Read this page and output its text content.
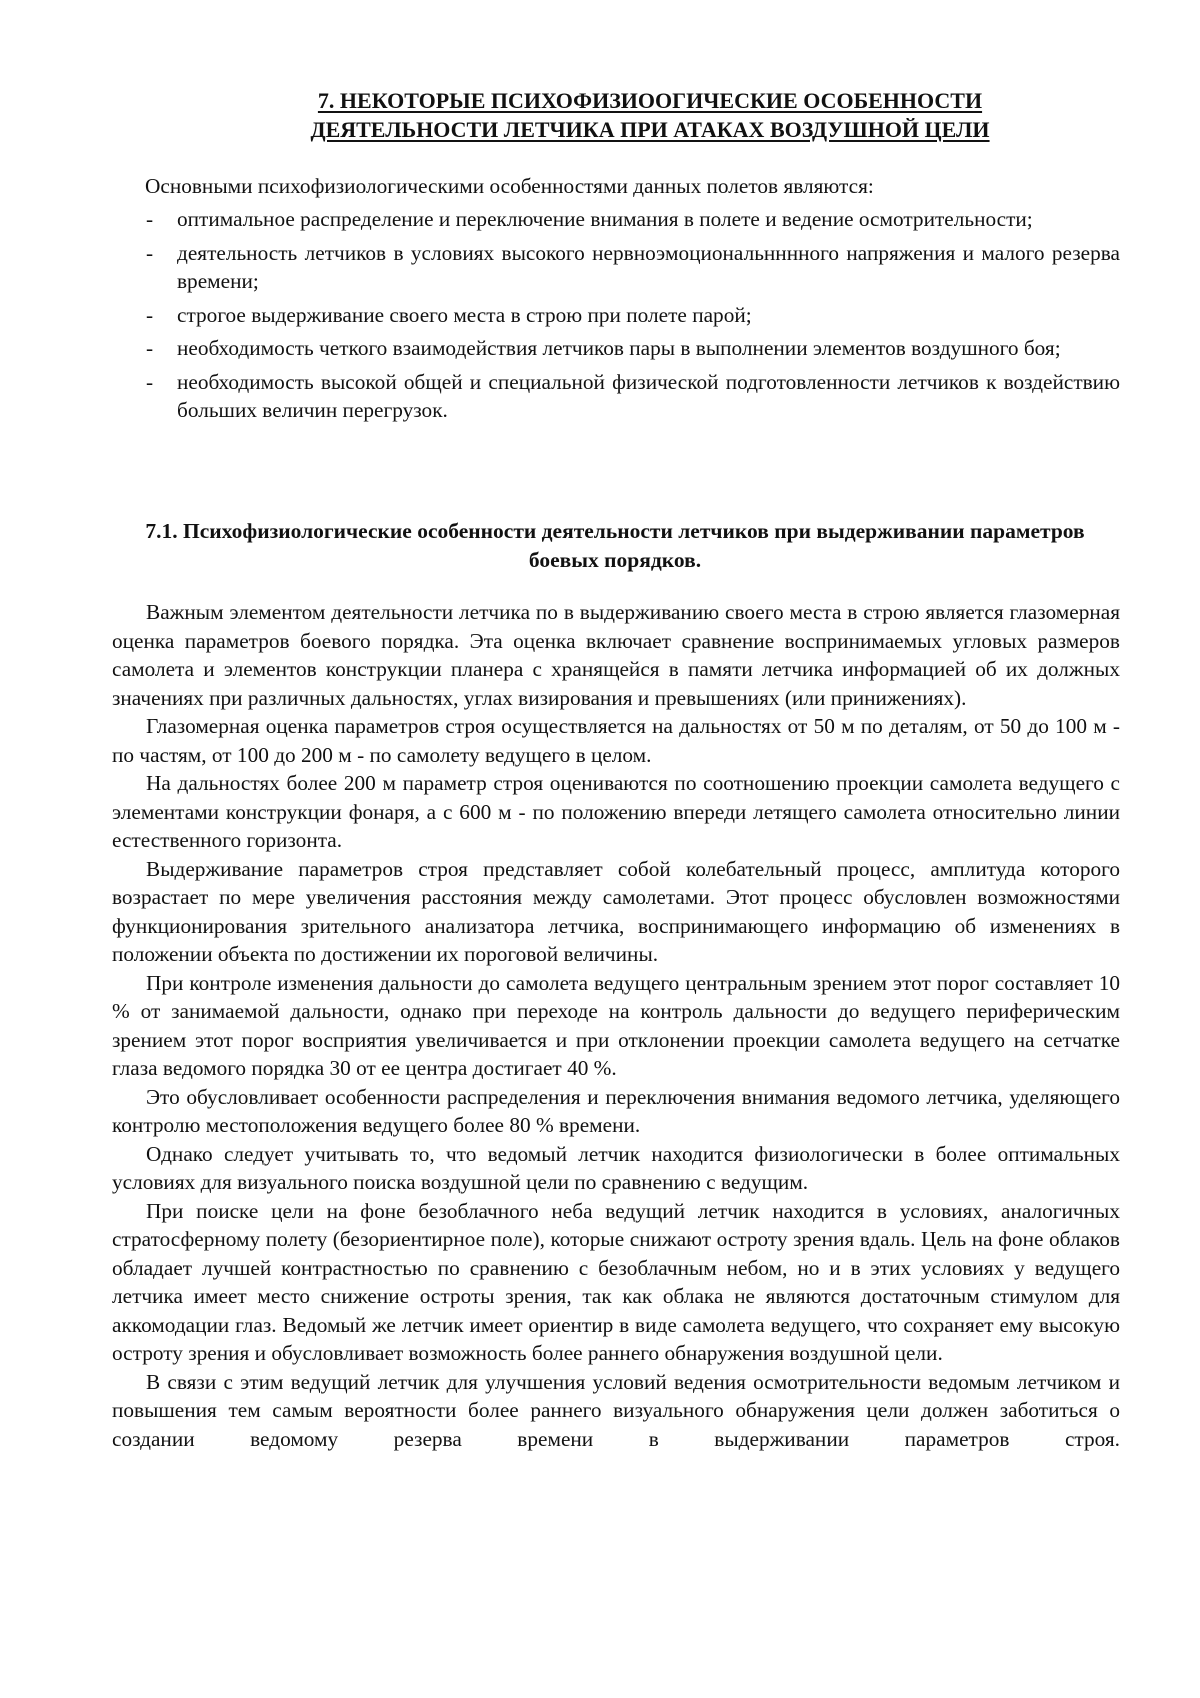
7. НЕКОТОРЫЕ ПСИХОФИЗИООГИЧЕСКИЕ ОСОБЕННОСТИ
ДЕЯТЕЛЬНОСТИ ЛЕТЧИКА ПРИ АТАКАХ ВОЗДУШНОЙ ЦЕЛИ
Основными психофизиологическими особенностями данных полетов являются:
- оптимальное распределение и переключение внимания в полете и ведение осмотрительности;
- деятельность летчиков в условиях высокого нервноэмоциональнннного напряжения и малого резерва времени;
- строгое выдерживание своего места в строю при полете парой;
- необходимость четкого взаимодействия летчиков пары в выполнении элементов воздушного боя;
- необходимость высокой общей и специальной физической подготовленности летчиков к воздействию больших величин перегрузок.
7.1. Психофизиологические особенности деятельности летчиков при выдерживании параметров боевых порядков.

Важным элементом деятельности летчика по в выдерживанию своего места в строю является глазомерная оценка параметров боевого порядка. Эта оценка включает сравнение воспринимаемых угловых размеров самолета и элементов конструкции планера с хранящейся в памяти летчика информацией об их должных значениях при различных дальностях, углах визирования и превышениях (или принижениях).

Глазомерная оценка параметров строя осуществляется на дальностях от 50 м по деталям, от 50 до 100 м - по частям, от 100 до 200 м - по самолету ведущего в целом.

На дальностях более 200 м параметр строя оцениваются по соотношению проекции самолета ведущего с элементами конструкции фонаря, а с 600 м - по положению впереди летящего самолета относительно линии естественного горизонта.

Выдерживание параметров строя представляет собой колебательный процесс, амплитуда которого возрастает по мере увеличения расстояния между самолетами. Этот процесс обусловлен возможностями функционирования зрительного анализатора летчика, воспринимающего информацию об изменениях в положении объекта по достижении их пороговой величины.

При контроле изменения дальности до самолета ведущего центральным зрением этот порог составляет 10 % от занимаемой дальности, однако при переходе на контроль дальности до ведущего периферическим зрением этот порог восприятия увеличивается и при отклонении проекции самолета ведущего на сетчатке глаза ведомого порядка 30 от ее центра достигает 40 %.

Это обусловливает особенности распределения и переключения внимания ведомого летчика, уделяющего контролю местоположения ведущего более 80 % времени.

Однако следует учитывать то, что ведомый летчик находится физиологически в более оптимальных условиях для визуального поиска воздушной цели по сравнению с ведущим.

При поиске цели на фоне безоблачного неба ведущий летчик находится в условиях, аналогичных стратосферному полету (безориентирное поле), которые снижают остроту зрения вдаль. Цель на фоне облаков обладает лучшей контрастностью по сравнению с безоблачным небом, но и в этих условиях у ведущего летчика имеет место снижение остроты зрения, так как облака не являются достаточным стимулом для аккомодации глаз. Ведомый же летчик имеет ориентир в виде самолета ведущего, что сохраняет ему высокую остроту зрения и обусловливает возможность более раннего обнаружения воздушной цели.

В связи с этим ведущий летчик для улучшения условий ведения осмотрительности ведомым летчиком и повышения тем самым вероятности более раннего визуального обнаружения цели должен заботиться о создании ведомому резерва времени в выдерживании параметров строя.
